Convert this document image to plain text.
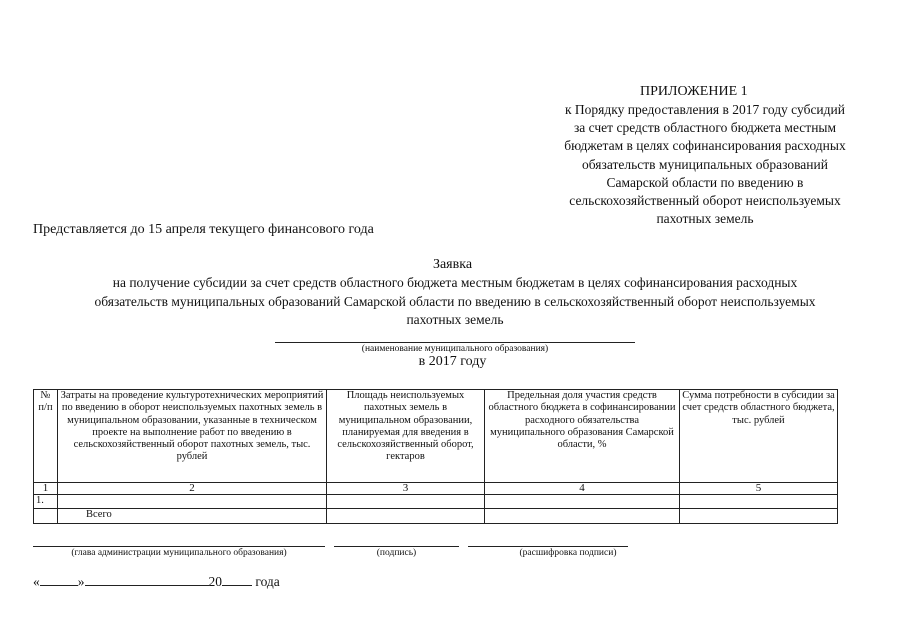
ПРИЛОЖЕНИЕ 1
к Порядку предоставления в 2017 году субсидий
за счет средств областного бюджета местным
бюджетам в целях софинансирования расходных
обязательств муниципальных образований
Самарской области по введению в
сельскохозяйственный оборот неиспользуемых
пахотных земель
Представляется до 15 апреля текущего финансового года
Заявка
на получение субсидии за счет средств областного бюджета местным бюджетам в целях софинансирования расходных
обязательств муниципальных образований Самарской области по введению в сельскохозяйственный оборот неиспользуемых
пахотных земель
(наименование муниципального образования)
в 2017 году
№ п/п	Затраты на проведение культуротехнических мероприятий по введению в оборот неиспользуемых пахотных земель в муниципальном образовании, указанные в техническом проекте на выполнение работ по введению в сельскохозяйственный оборот пахотных земель, тыс. рублей	Площадь неиспользуемых пахотных земель в муниципальном образовании, планируемая для введения в сельскохозяйственный оборот, гектаров	Предельная доля участия средств областного бюджета в софинансировании расходного обязательства муниципального образования Самарской области, %	Сумма потребности в субсидии за счет средств областного бюджета, тыс. рублей
1	2	3	4	5
1.				
	Всего			
(глава администрации муниципального образования)	(подпись)	(расшифровка подписи)
«	»	20 года
